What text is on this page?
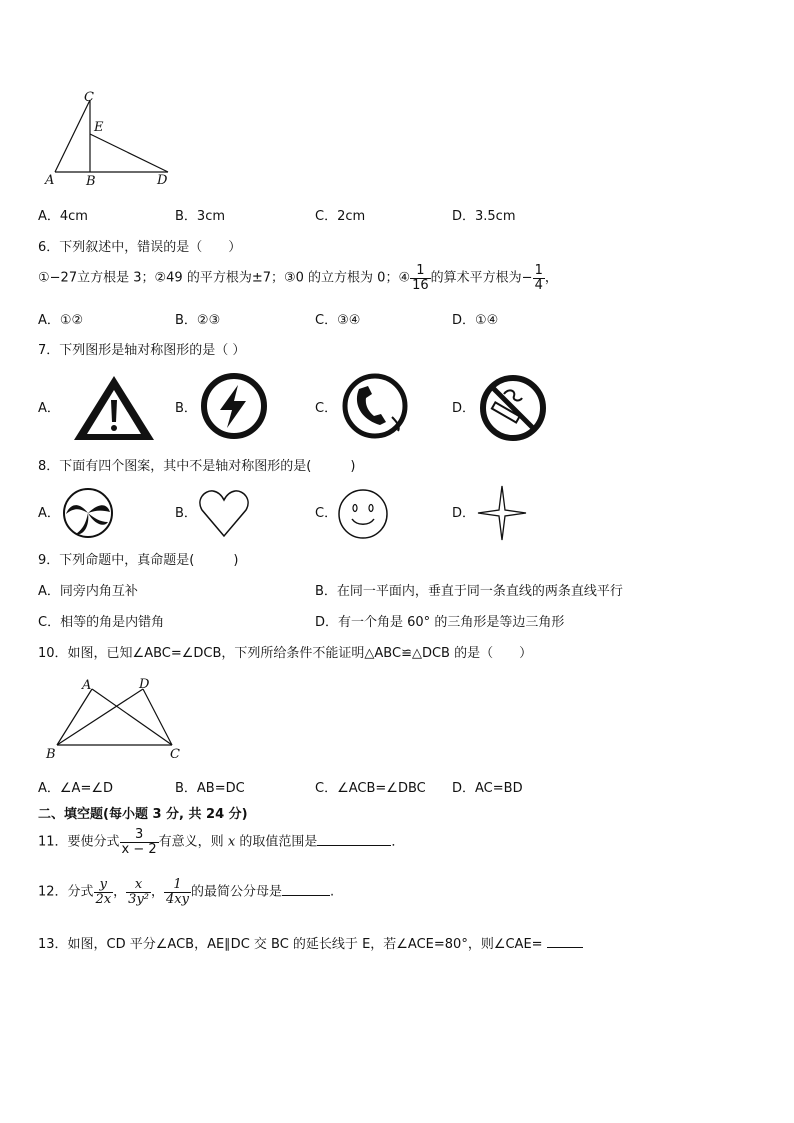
C
E
A B	D
A．4cm	B．3cm	C．2cm	D．3.5cm
6．下列叙述中，错误的是（　　）
①−27立方根是 3；②49 的平方根为±7；③0 的立方根为 0；④ $\frac{1}{16}$ 的算术平方根为− $\frac{1}{4}$ ，
A．①②	B．②③	C．③④	D．①④
7．下列图形是轴对称图形的是（ ）
A．	B．	C．	D．
8．下面有四个图案，其中不是轴对称图形的是(　　　)
A．	B．	C．	D．
9．下列命题中，真命题是(　　　)
A．同旁内角互补	B．在同一平面内，垂直于同一条直线的两条直线平行
C．相等的角是内错角	D．有一个角是 60° 的三角形是等边三角形
10．如图，已知∠ABC=∠DCB，下列所给条件不能证明△ABC≌△DCB 的是（　　）
A	D
B	C
A．∠A=∠D	B．AB=DC	C．∠ACB=∠DBC D．AC=BD
二、填空题(每小题 3 分, 共 24 分)
11．要使分式 $\frac{3}{x - 2}$ 有意义，则 x 的取值范围是	．
12．分式 $\frac{y}{2x}$ ， $\frac{x}{\text{3y²}}$ ， $\frac{1}{4xy}$ 的最简公分母是	.
13．如图，CD 平分∠ACB，AE∥DC 交 BC 的延长线于 E，若∠ACE=80°，则∠CAE=
